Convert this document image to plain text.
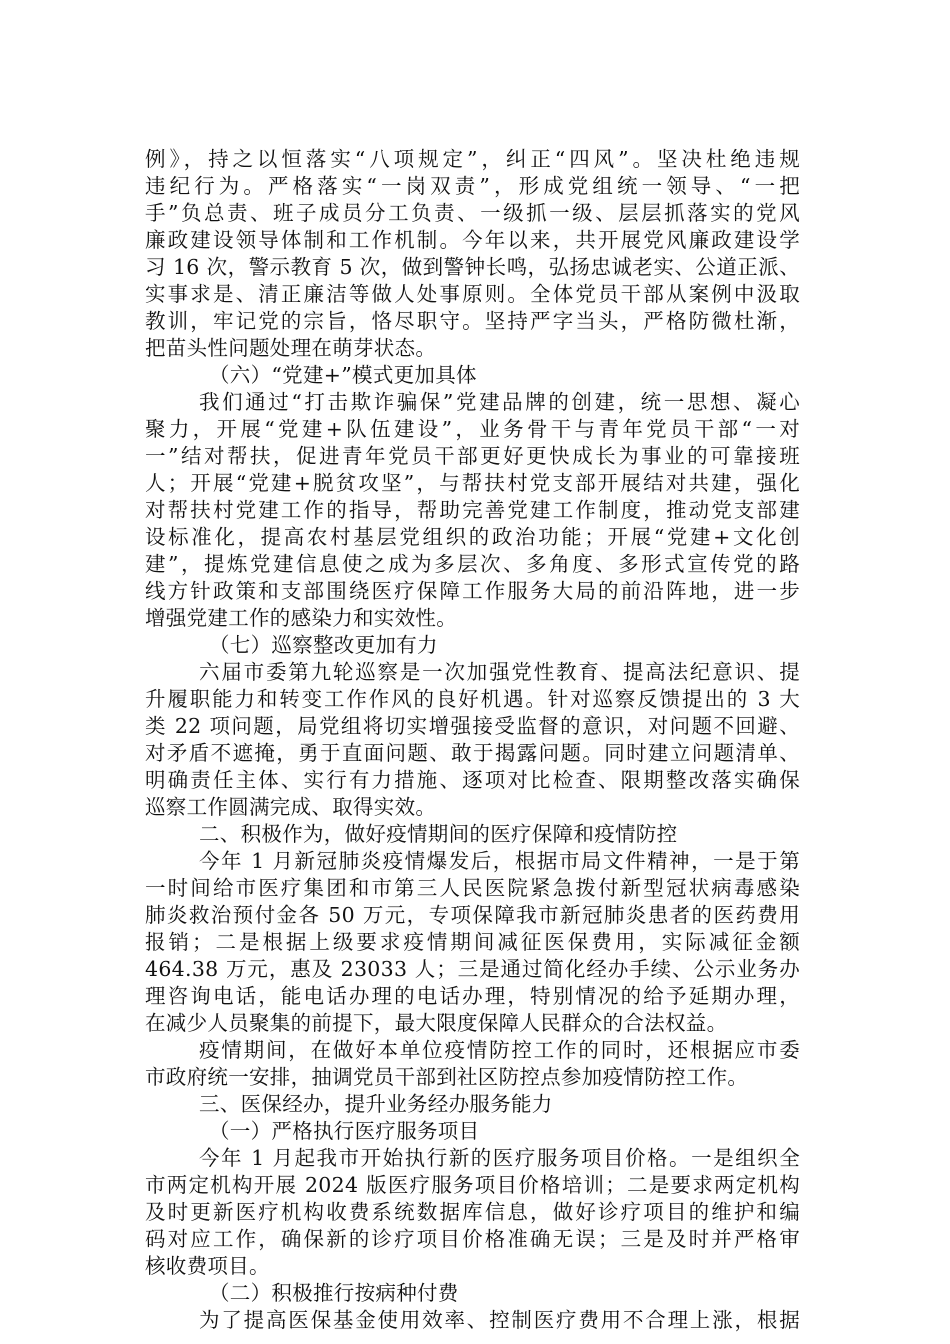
例》，持之以恒落实“八项规定”，纠正“四风”。坚决杜绝违规
违纪行为。严格落实“一岗双责”，形成党组统一领导、“一把
手”负总责、班子成员分工负责、一级抓一级、层层抓落实的党风
廉政建设领导体制和工作机制。今年以来，共开展党风廉政建设学
习 16 次，警示教育 5 次，做到警钟长鸣，弘扬忠诚老实、公道正派、
实事求是、清正廉洁等做人处事原则。全体党员干部从案例中汲取
教训，牢记党的宗旨，恪尽职守。坚持严字当头，严格防微杜渐，
把苗头性问题处理在萌芽状态。
（六）“党建+”模式更加具体
我们通过“打击欺诈骗保”党建品牌的创建，统一思想、凝心
聚力，开展“党建+队伍建设”，业务骨干与青年党员干部“一对
一”结对帮扶，促进青年党员干部更好更快成长为事业的可靠接班
人；开展“党建+脱贫攻坚”，与帮扶村党支部开展结对共建，强化
对帮扶村党建工作的指导，帮助完善党建工作制度，推动党支部建
设标准化，提高农村基层党组织的政治功能；开展“党建+文化创
建”，提炼党建信息使之成为多层次、多角度、多形式宣传党的路
线方针政策和支部围绕医疗保障工作服务大局的前沿阵地，进一步
增强党建工作的感染力和实效性。
（七）巡察整改更加有力
六届市委第九轮巡察是一次加强党性教育、提高法纪意识、提
升履职能力和转变工作作风的良好机遇。针对巡察反馈提出的 3 大
类 22 项问题，局党组将切实增强接受监督的意识，对问题不回避、
对矛盾不遮掩，勇于直面问题、敢于揭露问题。同时建立问题清单、
明确责任主体、实行有力措施、逐项对比检查、限期整改落实确保
巡察工作圆满完成、取得实效。
二、积极作为，做好疫情期间的医疗保障和疫情防控
今年 1 月新冠肺炎疫情爆发后，根据市局文件精神，一是于第
一时间给市医疗集团和市第三人民医院紧急拨付新型冠状病毒感染
肺炎救治预付金各 50 万元，专项保障我市新冠肺炎患者的医药费用
报销；二是根据上级要求疫情期间减征医保费用，实际减征金额
464.38 万元，惠及 23033 人；三是通过简化经办手续、公示业务办
理咨询电话，能电话办理的电话办理，特别情况的给予延期办理，
在减少人员聚集的前提下，最大限度保障人民群众的合法权益。
疫情期间，在做好本单位疫情防控工作的同时，还根据应市委
市政府统一安排，抽调党员干部到社区防控点参加疫情防控工作。
三、医保经办，提升业务经办服务能力
（一）严格执行医疗服务项目
今年 1 月起我市开始执行新的医疗服务项目价格。一是组织全
市两定机构开展 2024 版医疗服务项目价格培训；二是要求两定机构
及时更新医疗机构收费系统数据库信息，做好诊疗项目的维护和编
码对应工作，确保新的诊疗项目价格准确无误；三是及时并严格审
核收费项目。
（二）积极推行按病种付费
为了提高医保基金使用效率、控制医疗费用不合理上涨，根据
